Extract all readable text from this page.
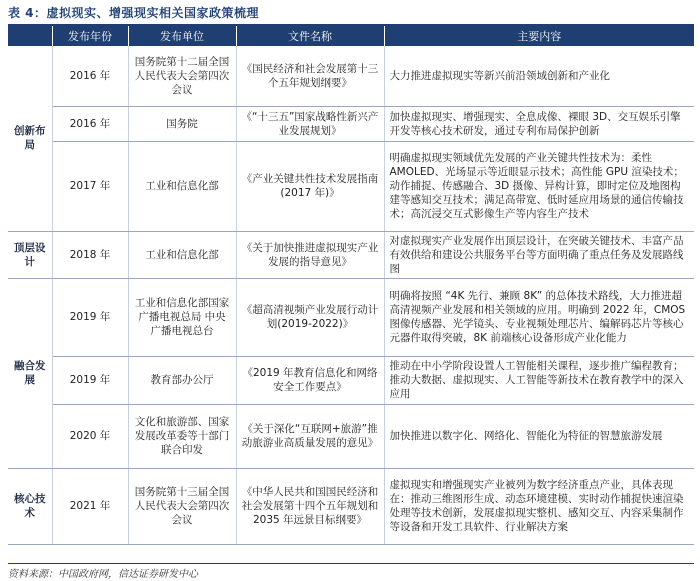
表 4：虚拟现实、增强现实相关国家政策梳理
	发布年份	发布单位	文件名称	主要内容
创新布局	2016 年	国务院第十二届全国人民代表大会第四次会议	《国民经济和社会发展第十三个五年规划纲要》	大力推进虚拟现实等新兴前沿领域创新和产业化
	2016 年	国务院	《“十三五”国家战略性新兴产业发展规划》	加快虚拟现实、增强现实、全息成像、裸眼 3D、交互娱乐引擎开发等核心技术研发，通过专利布局保护创新
	2017 年	工业和信息化部	《产业关键共性技术发展指南(2017 年)》	明确虚拟现实领域优先发展的产业关键共性技术为：柔性 AMOLED、光场显示等近眼显示技术；高性能 GPU 渲染技术；动作捕捉、传感融合、3D 摄像、异构计算，即时定位及地图构建等感知交互技术；满足高带宽、低时延应用场景的通信传输技术；高沉浸交互式影像生产等内容生产技术
顶层设计	2018 年	工业和信息化部	《关于加快推进虚拟现实产业发展的指导意见》	对虚拟现实产业发展作出顶层设计，在突破关键技术、丰富产品有效供给和建设公共服务平台等方面明确了重点任务及发展路线图
融合发展	2019 年	工业和信息化部国家广播电视总局 中央广播电视总台	《超高清视频产业发展行动计划(2019-2022)》	明确将按照 “4K 先行、兼顾 8K” 的总体技术路线，大力推进超高清视频产业发展和相关领域的应用。明确到 2022 年，CMOS 图像传感器、光学镜头、专业视频处理芯片、编解码芯片等核心元器件取得突破，8K 前端核心设备形成产业化能力
	2019 年	教育部办公厅	《2019 年教育信息化和网络安全工作要点》	推动在中小学阶段设置人工智能相关课程，逐步推广编程教育；推动大数据、虚拟现实、人工智能等新技术在教育教学中的深入应用
	2020 年	文化和旅游部、国家发展改革委等十部门联合印发	《关于深化“互联网+旅游”推动旅游业高质量发展的意见》	加快推进以数字化、网络化、智能化为特征的智慧旅游发展
核心技术	2021 年	国务院第十三届全国人民代表大会第四次会议	《中华人民共和国国民经济和社会发展第十四个五年规划和 2035 年远景目标纲要》	虚拟现实和增强现实产业被列为数字经济重点产业，具体表现在：推动三维图形生成、动态环境建模、实时动作捕捉快速渲染处理等技术创新，发展虚拟现实整机、感知交互、内容采集制作等设备和开发工具软件、行业解决方案
资料来源：中国政府网，信达证券研发中心
